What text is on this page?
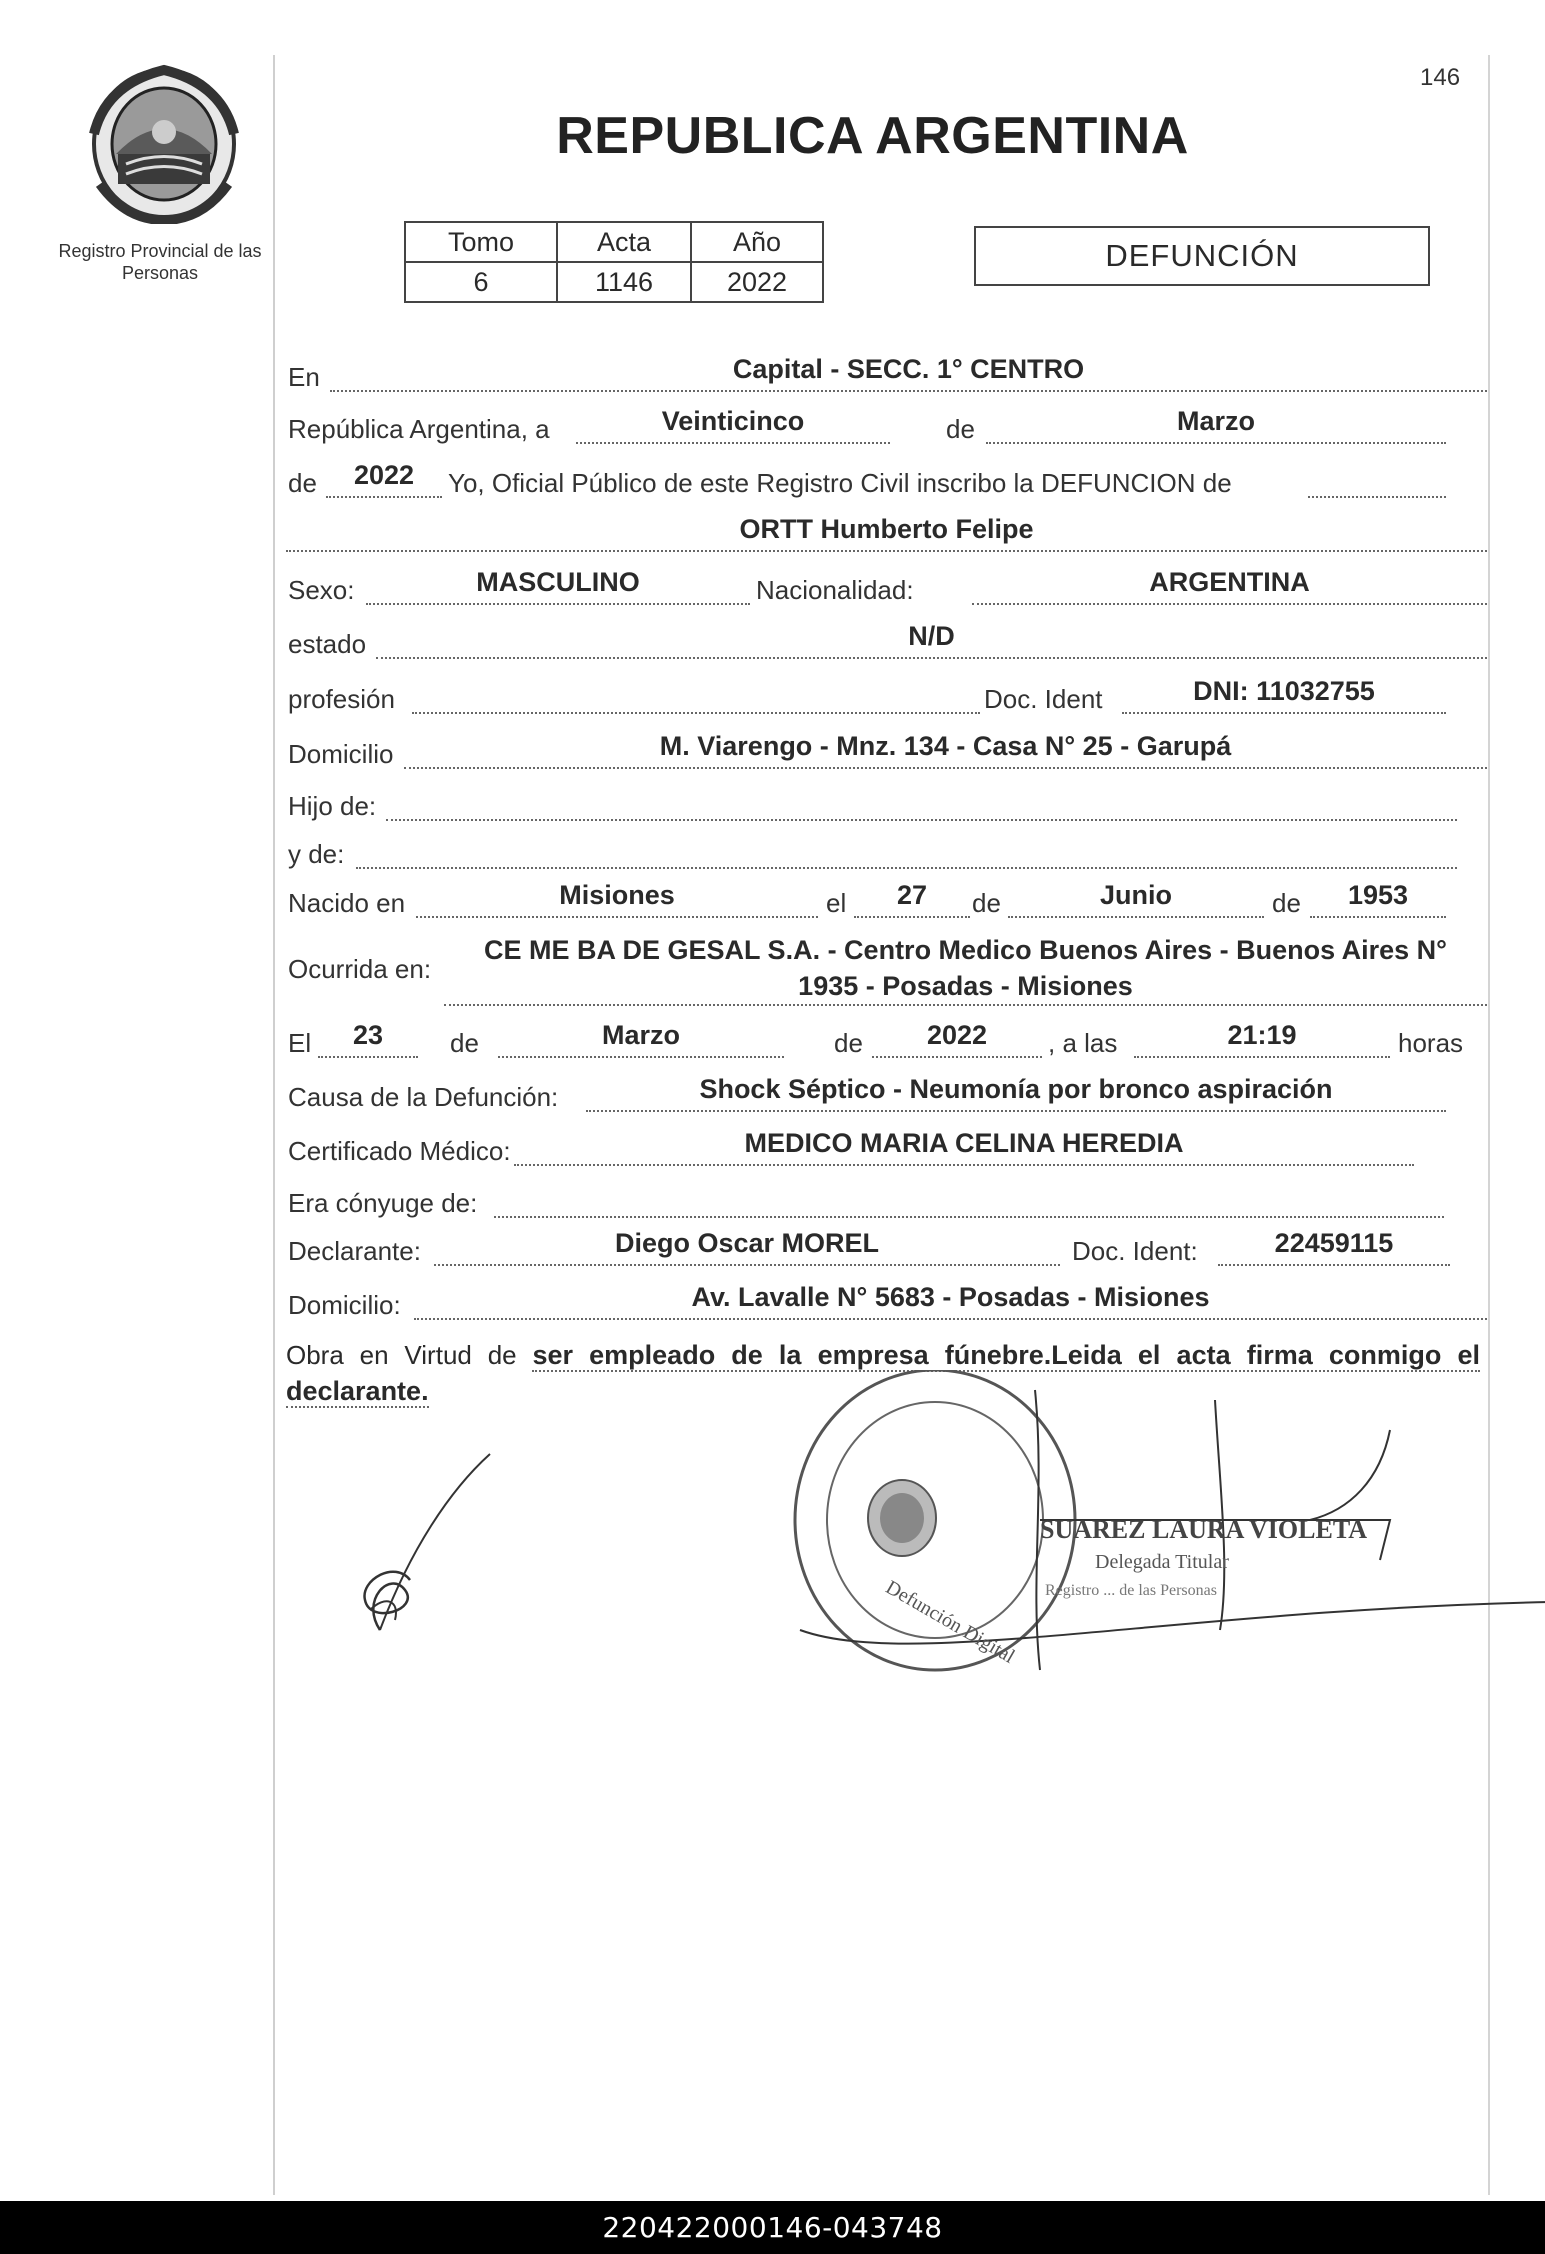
Registro Provincial de las Personas
146
REPUBLICA ARGENTINA
Tomo	Acta	Año
6	1146	2022
DEFUNCIÓN
En	Capital - SECC. 1° CENTRO
República Argentina, a	Veinticinco	de	Marzo
de	2022	Yo, Oficial Público de este Registro Civil inscribo la DEFUNCION de
ORTT Humberto Felipe
Sexo:	MASCULINO	Nacionalidad:	ARGENTINA
estado	N/D
profesión	Doc. Ident	DNI: 11032755
Domicilio	M. Viarengo - Mnz. 134 - Casa N° 25 - Garupá
Hijo de:
y de:
Nacido en	Misiones	el	27	de	Junio	de	1953
Ocurrida en:
CE ME BA DE GESAL S.A. - Centro Medico Buenos Aires - Buenos Aires N°
1935 - Posadas - Misiones
El	23	de	Marzo	de	2022	, a las	21:19	horas
Causa de la Defunción:	Shock Séptico - Neumonía por bronco aspiración
Certificado Médico:	MEDICO MARIA CELINA HEREDIA
Era cónyuge de:
Declarante:	Diego Oscar MOREL	Doc. Ident:	22459115
Domicilio:	Av. Lavalle N° 5683 - Posadas - Misiones
Obra en Virtud de ser empleado de la empresa fúnebre.Leida el acta firma conmigo el declarante.
SUAREZ LAURA VIOLETA
Delegada Titular
Registro ... de las Personas
Defunción Digital
220422000146-043748
